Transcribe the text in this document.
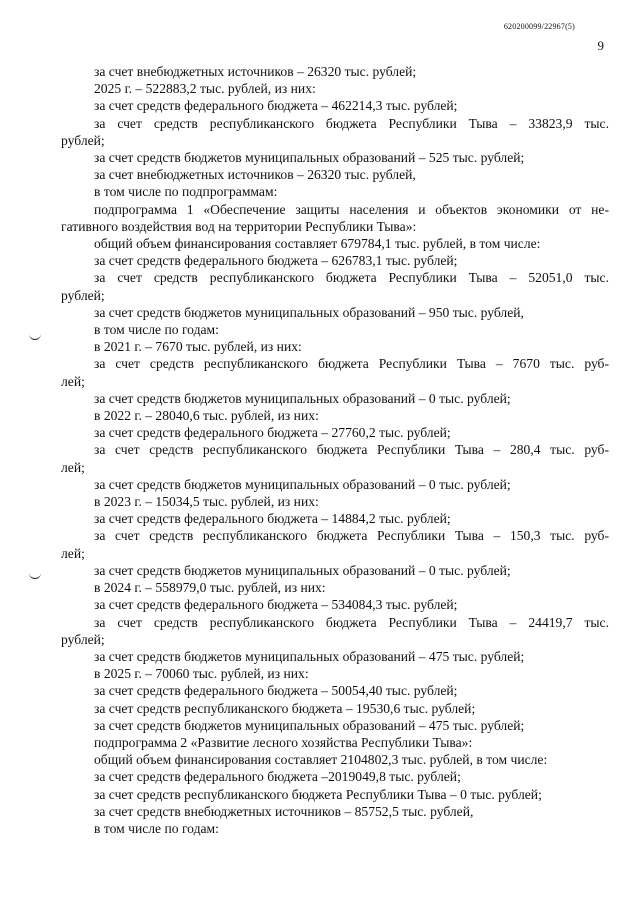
620200099/22967(5)
9
за счет внебюджетных источников – 26320 тыс. рублей;
2025 г. – 522883,2 тыс. рублей, из них:
за счет средств федерального бюджета – 462214,3 тыс. рублей;
за счет средств республиканского бюджета Республики Тыва – 33823,9 тыс.
рублей;
за счет средств бюджетов муниципальных образований – 525 тыс. рублей;
за счет внебюджетных источников – 26320 тыс. рублей,
в том числе по подпрограммам:
подпрограмма 1 «Обеспечение защиты населения и объектов экономики от не-
гативного воздействия вод на территории Республики Тыва»:
общий объем финансирования составляет 679784,1 тыс. рублей, в том числе:
за счет средств федерального бюджета – 626783,1 тыс. рублей;
за счет средств республиканского бюджета Республики Тыва – 52051,0 тыс.
рублей;
за счет средств бюджетов муниципальных образований – 950 тыс. рублей,
в том числе по годам:
в 2021 г. – 7670 тыс. рублей, из них:
за счет средств республиканского бюджета Республики Тыва – 7670 тыс. руб-
лей;
за счет средств бюджетов муниципальных образований – 0 тыс. рублей;
в 2022 г. – 28040,6 тыс. рублей, из них:
за счет средств федерального бюджета – 27760,2 тыс. рублей;
за счет средств республиканского бюджета Республики Тыва – 280,4 тыс. руб-
лей;
за счет средств бюджетов муниципальных образований – 0 тыс. рублей;
в 2023 г. – 15034,5 тыс. рублей, из них:
за счет средств федерального бюджета – 14884,2 тыс. рублей;
за счет средств республиканского бюджета Республики Тыва – 150,3 тыс. руб-
лей;
за счет средств бюджетов муниципальных образований – 0 тыс. рублей;
в 2024 г. – 558979,0 тыс. рублей, из них:
за счет средств федерального бюджета – 534084,3 тыс. рублей;
за счет средств республиканского бюджета Республики Тыва – 24419,7 тыс.
рублей;
за счет средств бюджетов муниципальных образований – 475 тыс. рублей;
в 2025 г. – 70060 тыс. рублей, из них:
за счет средств федерального бюджета – 50054,40 тыс. рублей;
за счет средств республиканского бюджета – 19530,6 тыс. рублей;
за счет средств бюджетов муниципальных образований – 475 тыс. рублей;
подпрограмма 2 «Развитие лесного хозяйства Республики Тыва»:
общий объем финансирования составляет 2104802,3 тыс. рублей, в том числе:
за счет средств федерального бюджета –2019049,8 тыс. рублей;
за счет средств республиканского бюджета Республики Тыва – 0 тыс. рублей;
за счет средств внебюджетных источников – 85752,5 тыс. рублей,
в том числе по годам:
